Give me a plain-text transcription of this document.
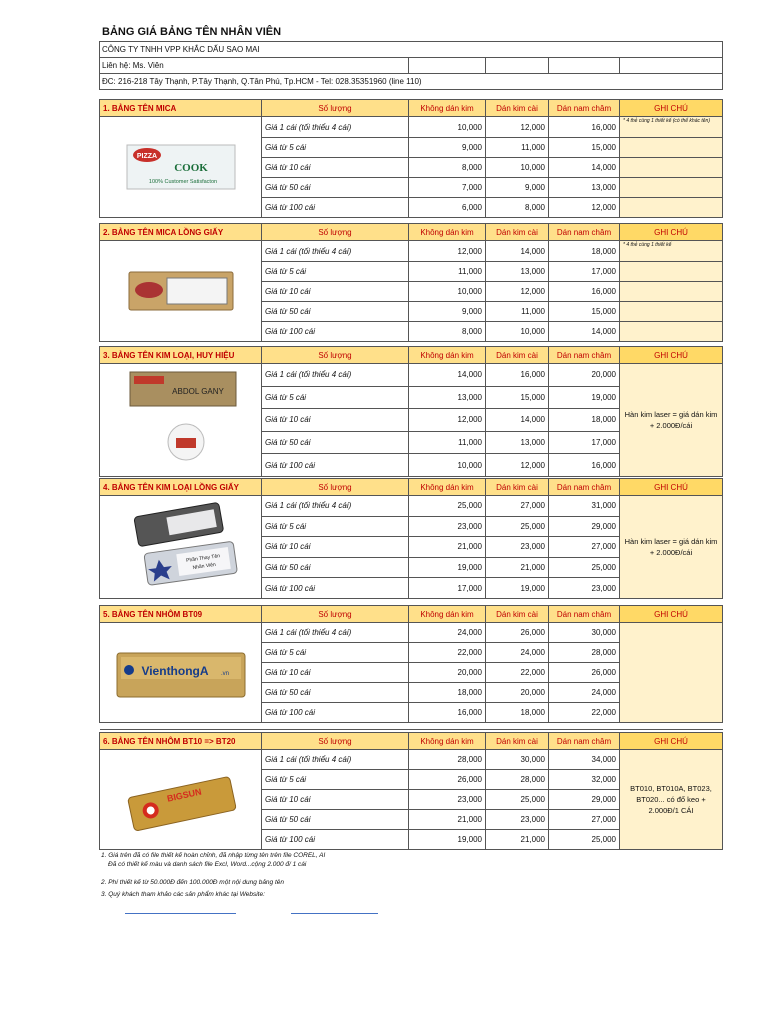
BẢNG GIÁ BẢNG TÊN NHÂN VIÊN
CÔNG TY TNHH VPP KHẮC DẤU SAO MAI
Liên hệ: Ms. Viên				
ĐC: 216-218 Tây Thạnh, P.Tây Thạnh, Q.Tân Phú, Tp.HCM - Tel: 028.35351960 (line 110)
1. BẢNG TÊN MICA	Số lượng	Không dán kim	Dán kim cài	Dán nam châm	GHI CHÚ

PIZZA
COOK
100% Customer Satisfacton	Giá 1 cái (tối thiểu 4 cái)	10,000	12,000	16,000	* 4 thẻ cùng 1 thiết kế (có thể khác tên)
	Giá từ 5 cái	9,000	11,000	15,000	
	Giá từ 10 cái	8,000	10,000	14,000	
	Giá từ 50 cái	7,000	9,000	13,000	
	Giá từ 100 cái	6,000	8,000	12,000	

2. BẢNG TÊN MICA LỒNG GIẤY	Số lượng	Không dán kim	Dán kim cài	Dán nam châm	GHI CHÚ
	Giá 1 cái (tối thiểu 4 cái)	12,000	14,000	18,000	* 4 thẻ cùng 1 thiết kế
	Giá từ 5 cái	11,000	13,000	17,000	
	Giá từ 10 cái	10,000	12,000	16,000	
	Giá từ 50 cái	9,000	11,000	15,000	
	Giá từ 100 cái	8,000	10,000	14,000	

3. BẢNG TÊN KIM LOẠI, HUY HIỆU	Số lượng	Không dán kim	Dán kim cài	Dán nam châm	GHI CHÚ

ABDOL GANY	Giá 1 cái (tối thiểu 4 cái)	14,000	16,000	20,000	Hàn kim laser = giá dán kim + 2.000Đ/cái
	Giá từ 5 cái	13,000	15,000	19,000	
	Giá từ 10 cái	12,000	14,000	18,000	
	Giá từ 50 cái	11,000	13,000	17,000	
	Giá từ 100 cái	10,000	12,000	16,000	

4. BẢNG TÊN KIM LOẠI LỒNG GIẤY	Số lượng	Không dán kim	Dán kim cài	Dán nam châm	GHI CHÚ

Phần Thay Tên
Nhân Viên	Giá 1 cái (tối thiểu 4 cái)	25,000	27,000	31,000	Hàn kim laser = giá dán kim + 2.000Đ/cái
	Giá từ 5 cái	23,000	25,000	29,000	
	Giá từ 10 cái	21,000	23,000	27,000	
	Giá từ 50 cái	19,000	21,000	25,000	
	Giá từ 100 cái	17,000	19,000	23,000	

5. BẢNG TÊN NHÔM BT09	Số lượng	Không dán kim	Dán kim cài	Dán nam châm	GHI CHÚ

VienthongA .vn	Giá 1 cái (tối thiểu 4 cái)	24,000	26,000	30,000	
	Giá từ 5 cái	22,000	24,000	28,000	
	Giá từ 10 cái	20,000	22,000	26,000	
	Giá từ 50 cái	18,000	20,000	24,000	
	Giá từ 100 cái	16,000	18,000	22,000	

6. BẢNG TÊN NHÔM BT10 => BT20	Số lượng	Không dán kim	Dán kim cài	Dán nam châm	GHI CHÚ

BIGSUN	Giá 1 cái (tối thiểu 4 cái)	28,000	30,000	34,000	BT010, BT010A, BT023, BT020... có đổ keo + 2.000Đ/1 CÁI
	Giá từ 5 cái	26,000	28,000	32,000	
	Giá từ 10 cái	23,000	25,000	29,000	
	Giá từ 50 cái	21,000	23,000	27,000	
	Giá từ 100 cái	19,000	21,000	25,000	
1. Giá trên đã có file thiết kế hoàn chỉnh, đã nhập từng tên trên file COREL, AI
Đã có thiết kế màu và danh sách file Excl, Word...cộng 2.000 đ/ 1 cái
2. Phí thiết kế từ 50.000Đ đến 100.000Đ một nội dung bảng tên
3. Quý khách tham khảo các sản phẩm khác tại Website:
